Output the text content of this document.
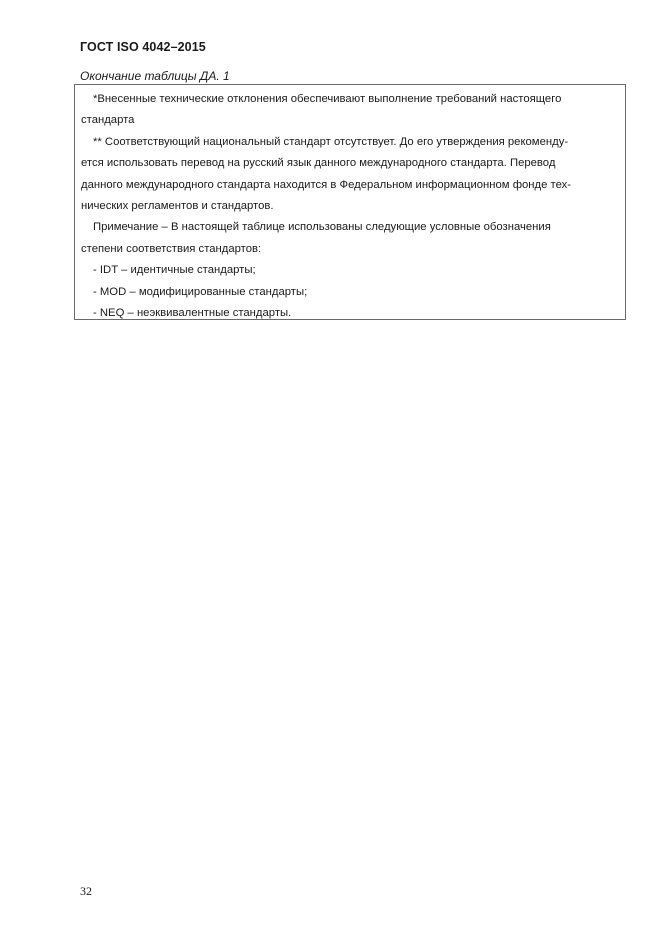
ГОСТ ISO 4042–2015
Окончание таблицы ДА. 1

*Внесенные технические отклонения обеспечивают выполнение требований настоящего

стандарта

** Соответствующий национальный стандарт отсутствует. До его утверждения рекоменду-

ется использовать перевод на русский язык данного международного стандарта. Перевод

данного международного стандарта находится в Федеральном информационном фонде тех-

нических регламентов и стандартов.

Примечание – В настоящей таблице использованы следующие условные обозначения

степени соответствия стандартов:

- IDT – идентичные стандарты;

- MOD – модифицированные стандарты;

- NEQ – неэквивалентные стандарты.

32
